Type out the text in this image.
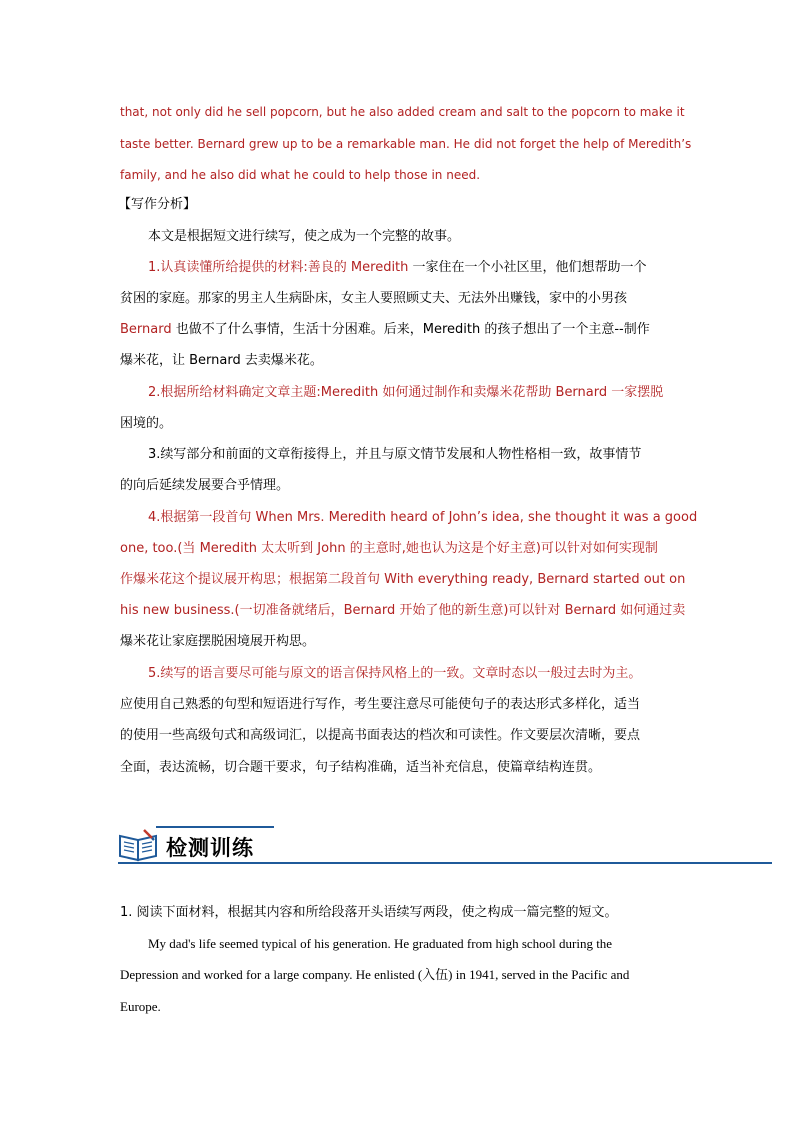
that, not only did he sell popcorn, but he also added cream and salt to the popcorn to make it
taste better. Bernard grew up to be a remarkable man. He did not forget the help of Meredith’s
family, and he also did what he could to help those in need.
【写作分析】
本文是根据短文进行续写，使之成为一个完整的故事。
1.认真读懂所给提供的材料:善良的 Meredith 一家住在一个小社区里，他们想帮助一个
贫困的家庭。那家的男主人生病卧床，女主人要照顾丈夫、无法外出赚钱，家中的小男孩
Bernard 也做不了什么事情，生活十分困难。后来，Meredith 的孩子想出了一个主意--制作
爆米花，让 Bernard 去卖爆米花。
2.根据所给材料确定文章主题:Meredith 如何通过制作和卖爆米花帮助 Bernard 一家摆脱
困境的。
3.续写部分和前面的文章衔接得上，并且与原文情节发展和人物性格相一致，故事情节
的向后延续发展要合乎情理。
4.根据第一段首句 When Mrs. Meredith heard of John’s idea, she thought it was a good
one, too.(当 Meredith 太太听到 John 的主意时,她也认为这是个好主意)可以针对如何实现制
作爆米花这个提议展开构思；根据第二段首句 With everything ready, Bernard started out on
his new business.(一切准备就绪后，Bernard 开始了他的新生意)可以针对 Bernard 如何通过卖
爆米花让家庭摆脱困境展开构思。
5.续写的语言要尽可能与原文的语言保持风格上的一致。文章时态以一般过去时为主。
应使用自己熟悉的句型和短语进行写作，考生要注意尽可能使句子的表达形式多样化，适当
的使用一些高级句式和高级词汇，以提高书面表达的档次和可读性。作文要层次清晰，要点
全面，表达流畅，切合题干要求，句子结构准确，适当补充信息，使篇章结构连贯。
检测训练
1. 阅读下面材料，根据其内容和所给段落开头语续写两段，使之构成一篇完整的短文。
My dad's life seemed typical of his generation. He graduated from high school during the
Depression and worked for a large company. He enlisted (入伍) in 1941, served in the Pacific and
Europe.
